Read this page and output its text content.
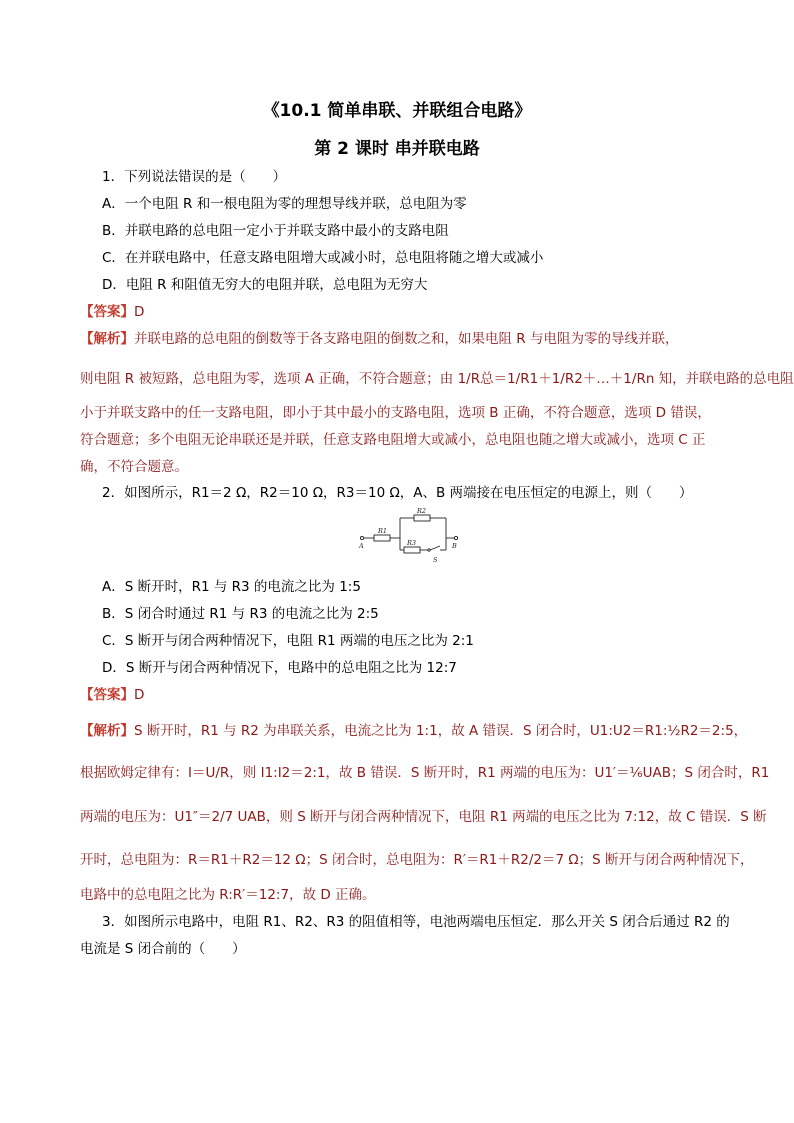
《10.1 简单串联、并联组合电路》
第 2 课时 串并联电路
1．下列说法错误的是（　　）
A．一个电阻 R 和一根电阻为零的理想导线并联，总电阻为零
B．并联电路的总电阻一定小于并联支路中最小的支路电阻
C．在并联电路中，任意支路电阻增大或减小时，总电阻将随之增大或减小
D．电阻 R 和阻值无穷大的电阻并联，总电阻为无穷大
【答案】D
【解析】并联电路的总电阻的倒数等于各支路电阻的倒数之和，如果电阻 R 与电阻为零的导线并联，
则电阻 R 被短路，总电阻为零，选项 A 正确，不符合题意；由 1/R总＝1/R1＋1/R2＋…＋1/Rn 知，并联电路的总电阻
小于并联支路中的任一支路电阻，即小于其中最小的支路电阻，选项 B 正确，不符合题意，选项 D 错误，
符合题意；多个电阻无论串联还是并联，任意支路电阻增大或减小，总电阻也随之增大或减小，选项 C 正
确，不符合题意。
2．如图所示，R1＝2 Ω，R2＝10 Ω，R3＝10 Ω，A、B 两端接在电压恒定的电源上，则（　　）
R1
R2
R3
A	B
S
A．S 断开时，R1 与 R3 的电流之比为 1:5
B．S 闭合时通过 R1 与 R3 的电流之比为 2:5
C．S 断开与闭合两种情况下，电阻 R1 两端的电压之比为 2:1
D．S 断开与闭合两种情况下，电路中的总电阻之比为 12:7
【答案】D
【解析】S 断开时，R1 与 R2 为串联关系，电流之比为 1:1，故 A 错误．S 闭合时，U1:U2＝R1:½R2＝2:5，
根据欧姆定律有：I＝U/R，则 I1:I2＝2:1，故 B 错误．S 断开时，R1 两端的电压为：U1′＝⅙UAB；S 闭合时，R1
两端的电压为：U1″＝2/7 UAB，则 S 断开与闭合两种情况下，电阻 R1 两端的电压之比为 7:12，故 C 错误．S 断
开时，总电阻为：R＝R1＋R2＝12 Ω；S 闭合时，总电阻为：R′＝R1＋R2/2＝7 Ω；S 断开与闭合两种情况下，
电路中的总电阻之比为 R:R′＝12:7，故 D 正确。
3．如图所示电路中，电阻 R1、R2、R3 的阻值相等，电池两端电压恒定．那么开关 S 闭合后通过 R2 的
电流是 S 闭合前的（　　）
